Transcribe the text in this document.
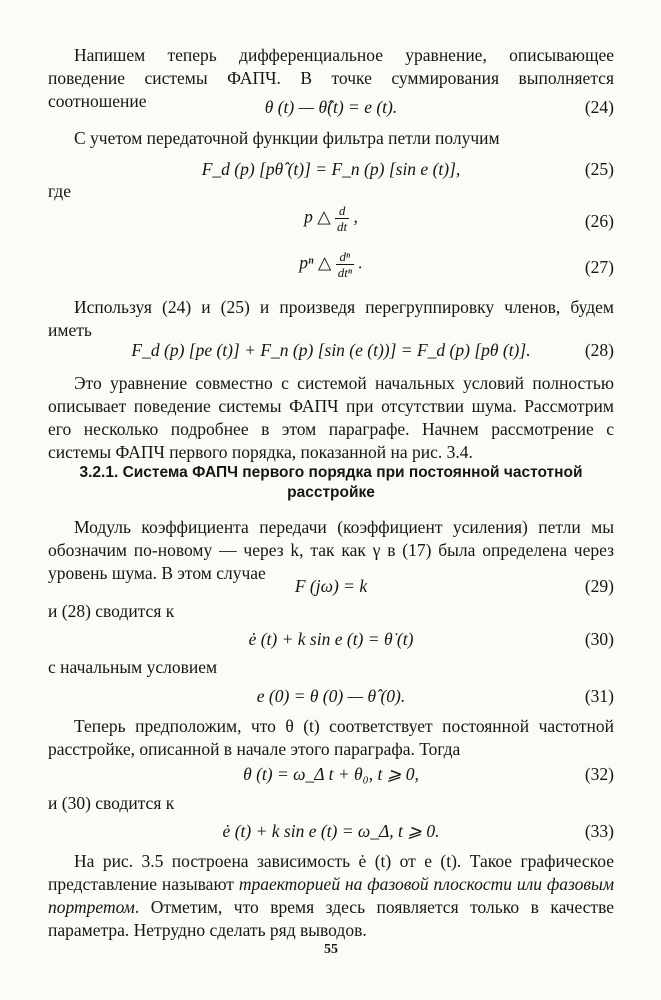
Напишем теперь дифференциальное уравнение, описывающее поведение системы ФАПЧ. В точке суммирования выполняется соотношение	θ (t) — θ̂(t) = e (t).	(24)
С учетом передаточной функции фильтра петли получим
F_d (p) [pθ̂ (t)] = F_n (p) [sin e (t)],	(25)
где
p △ $\frac{d}{dt}$ ,	(26)
pⁿ △ dⁿ
dtⁿ .	(27)
Используя (24) и (25) и произведя перегруппировку членов, будем иметь
F_d (p) [pe (t)] + F_n (p) [sin (e (t))] = F_d (p) [pθ (t)].	(28)
Это уравнение совместно с системой начальных условий полностью описывает поведение системы ФАПЧ при отсутствии шума. Рассмотрим его несколько подробнее в этом параграфе. Начнем рассмотрение с системы ФАПЧ первого порядка, показанной на рис. 3.4.
3.2.1. Система ФАПЧ первого порядка при постоянной частотной расстройке
Модуль коэффициента передачи (коэффициент усиления) петли мы обозначим по-новому — через k, так как γ в (17) была определена через уровень шума. В этом случае
F (jω) = k	(29)
и (28) сводится к
ė (t) + k sin e (t) = θ̇ (t)	(30)
с начальным условием
e (0) = θ (0) — θ̂ (0).	(31)
Теперь предположим, что θ (t) соответствует постоянной частотной расстройке, описанной в начале этого параграфа. Тогда
θ (t) = ω_Δ t + θ₀, t ⩾ 0,	(32)
и (30) сводится к
ė (t) + k sin e (t) = ω_Δ, t ⩾ 0.	(33)
На рис. 3.5 построена зависимость ė (t) от e (t). Такое графическое представление называют траекторией на фазовой плоскости или фазовым портретом. Отметим, что время здесь появляется только в качестве параметра. Нетрудно сделать ряд выводов.
55
